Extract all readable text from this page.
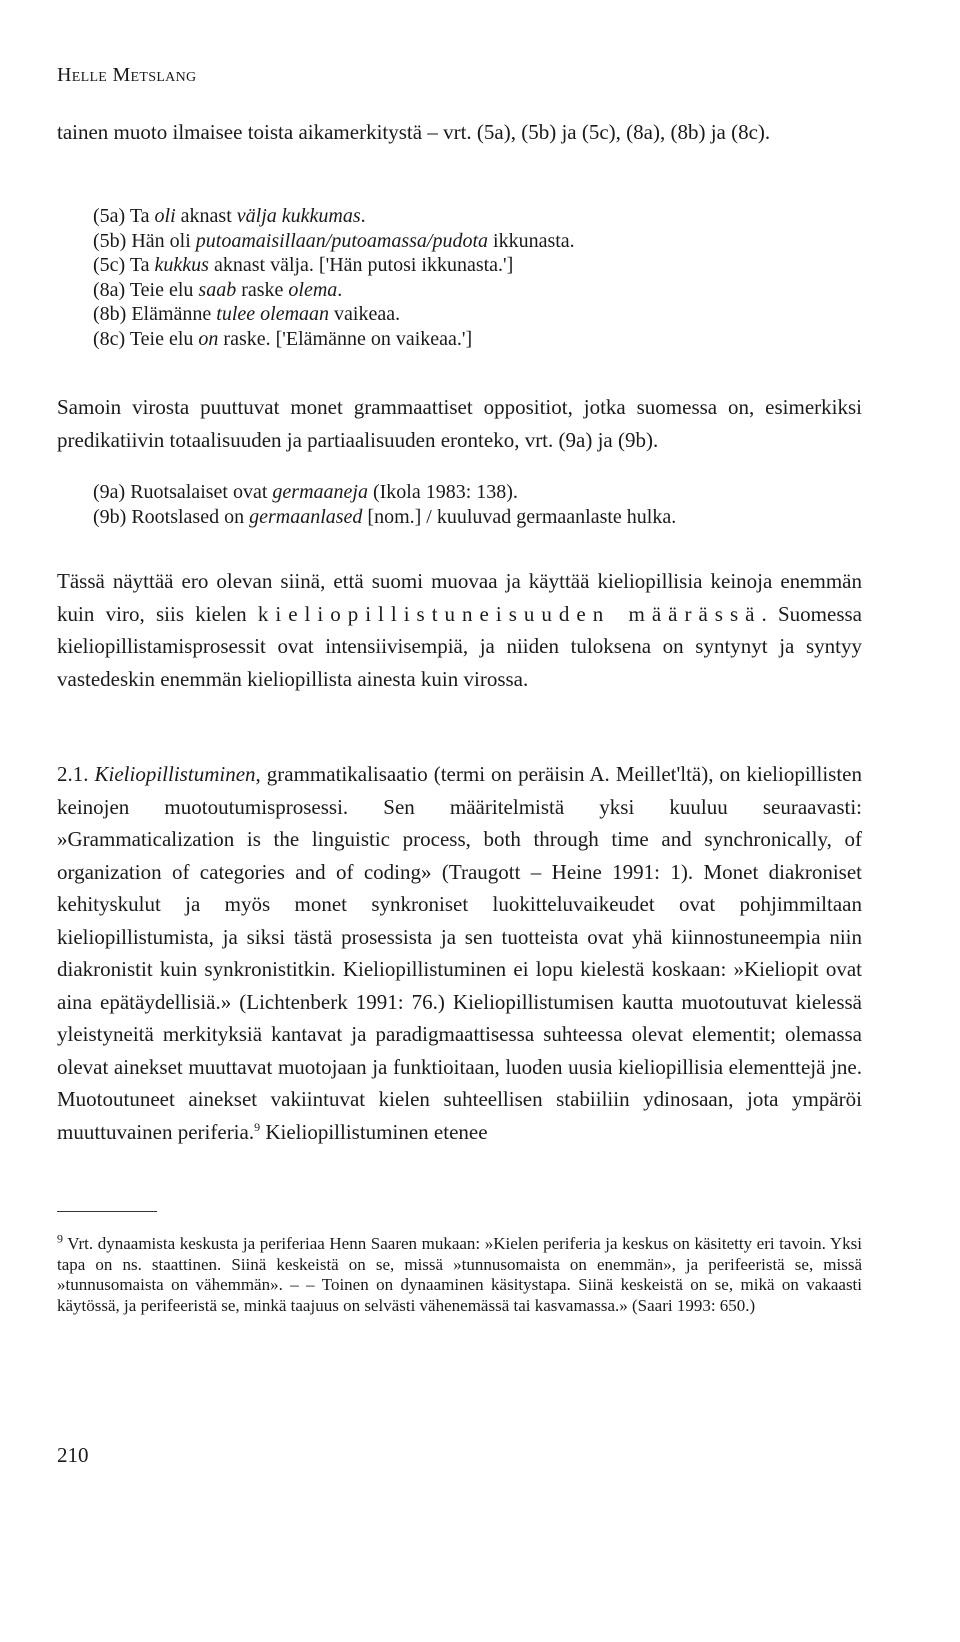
Helle Metslang

tainen muoto ilmaisee toista aikamerkitystä – vrt. (5a), (5b) ja (5c), (8a), (8b) ja (8c).

(5a) Ta oli aknast välja kukkumas.
(5b) Hän oli putoamaisillaan/putoamassa/pudota ikkunasta.
(5c) Ta kukkus aknast välja. ['Hän putosi ikkunasta.']
(8a) Teie elu saab raske olema.
(8b) Elämänne tulee olemaan vaikeaa.
(8c) Teie elu on raske. ['Elämänne on vaikeaa.']

Samoin virosta puuttuvat monet grammaattiset oppositiot, jotka suomessa on, esimerkiksi predikatiivin totaalisuuden ja partiaalisuuden eronteko, vrt. (9a) ja (9b).

(9a) Ruotsalaiset ovat germaaneja (Ikola 1983: 138).
(9b) Rootslased on germaanlased [nom.] / kuuluvad germaanlaste hulka.

Tässä näyttää ero olevan siinä, että suomi muovaa ja käyttää kieliopillisia keinoja enemmän kuin viro, siis kielen kieliopillistuneisuuden määrässä. Suomessa kieliopillistamisprosessit ovat intensiivisempiä, ja niiden tuloksena on syntynyt ja syntyy vastedeskin enemmän kieliopillista ainesta kuin virossa.

2.1. Kieliopillistuminen, grammatikalisaatio (termi on peräisin A. Meillet'ltä), on kieliopillisten keinojen muotoutumisprosessi. Sen määritelmistä yksi kuuluu seuraavasti: »Grammaticalization is the linguistic process, both through time and synchronically, of organization of categories and of coding» (Traugott – Heine 1991: 1). Monet diakroniset kehityskulut ja myös monet synkroniset luokitteluvaikeudet ovat pohjimmiltaan kieliopillistumista, ja siksi tästä prosessista ja sen tuotteista ovat yhä kiinnostuneempia niin diakronistit kuin synkronistitkin. Kieliopillistuminen ei lopu kielestä koskaan: »Kieliopit ovat aina epätäydellisiä.» (Lichtenberk 1991: 76.) Kieliopillistumisen kautta muotoutuvat kielessä yleistyneitä merkityksiä kantavat ja paradigmaattisessa suhteessa olevat elementit; olemassa olevat ainekset muuttavat muotojaan ja funktioitaan, luoden uusia kieliopillisia elementtejä jne. Muotoutuneet ainekset vakiintuvat kielen suhteellisen stabiiliin ydinosaan, jota ympäröi muuttuvainen periferia.$^9$ Kieliopillistuminen etenee

$^9$ Vrt. dynaamista keskusta ja periferiaa Henn Saaren mukaan: »Kielen periferia ja keskus on käsitetty eri tavoin. Yksi tapa on ns. staattinen. Siinä keskeistä on se, missä »tunnusomaista on enemmän», ja perifeeristä se, missä »tunnusomaista on vähemmän». – – Toinen on dynaaminen käsitystapa. Siinä keskeistä on se, mikä on vakaasti käytössä, ja perifeeristä se, minkä taajuus on selvästi vähenemässä tai kasvamassa.» (Saari 1993: 650.)
210
